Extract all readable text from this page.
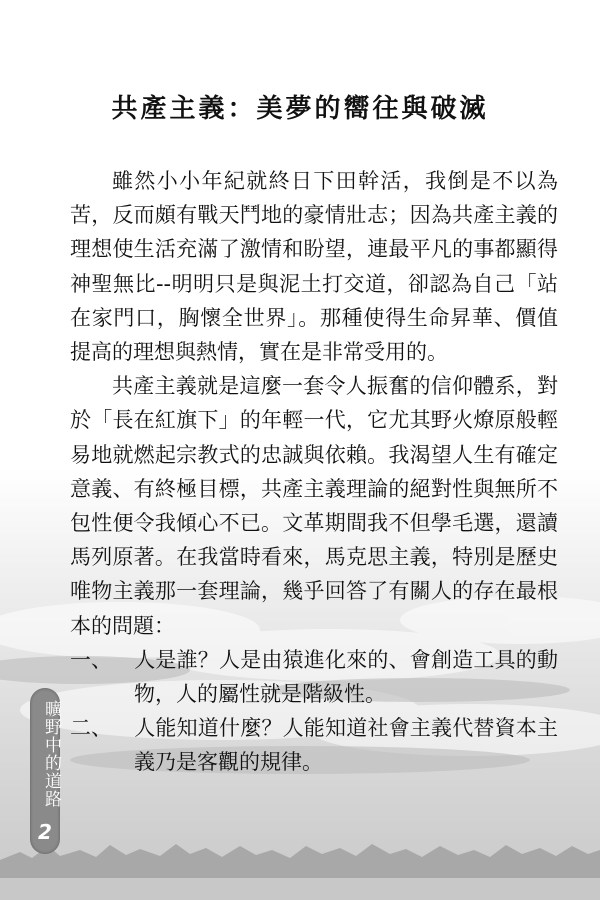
共產主義：美夢的嚮往與破滅

雖然小小年紀就終日下田幹活，我倒是不以為苦，反而頗有戰天鬥地的豪情壯志；因為共產主義的理想使生活充滿了激情和盼望，連最平凡的事都顯得神聖無比--明明只是與泥土打交道，卻認為自己「站在家門口，胸懷全世界」。那種使得生命昇華、價值提高的理想與熱情，實在是非常受用的。

共產主義就是這麼一套令人振奮的信仰體系，對於「長在紅旗下」的年輕一代，它尤其野火燎原般輕易地就燃起宗教式的忠誠與依賴。我渴望人生有確定意義、有終極目標，共產主義理論的絕對性與無所不包性便令我傾心不已。文革期間我不但學毛選，還讀馬列原著。在我當時看來，馬克思主義，特別是歷史唯物主義那一套理論，幾乎回答了有關人的存在最根本的問題：

一、 人是誰？人是由猿進化來的、會創造工具的動物，人的屬性就是階級性。
二、 人能知道什麼？人能知道社會主義代替資本主義乃是客觀的規律。
曠野中的道路
2
